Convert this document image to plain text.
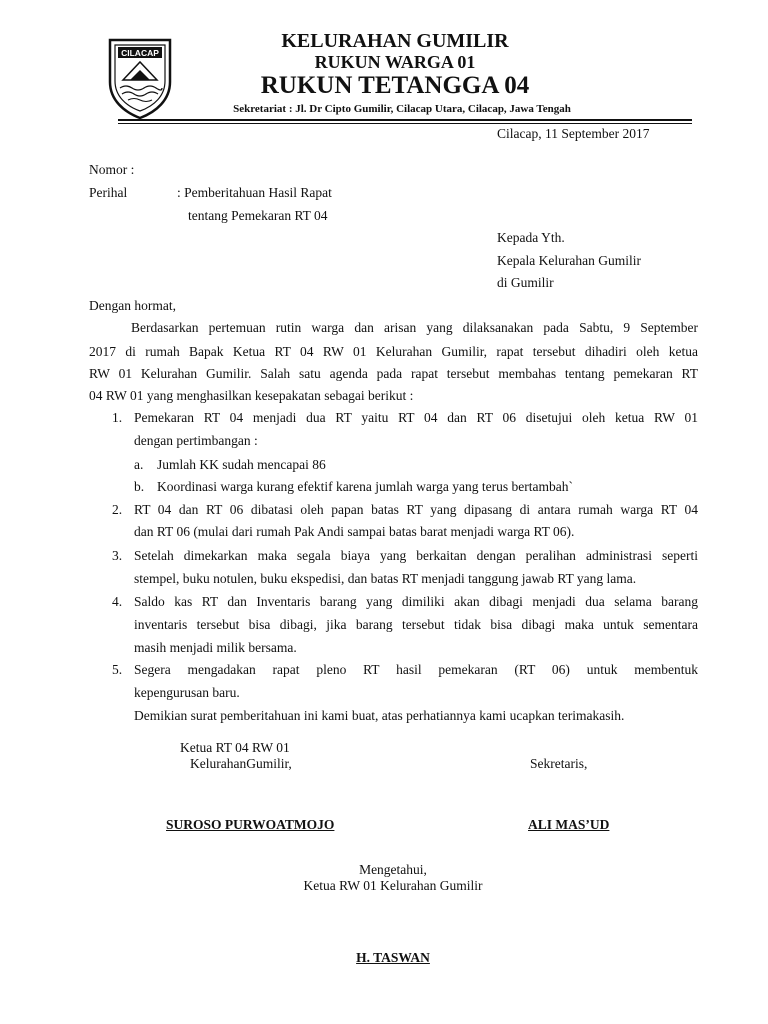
CILACAP
KELURAHAN GUMILIR
RUKUN WARGA 01
RUKUN TETANGGA 04
Sekretariat : Jl. Dr Cipto Gumilir, Cilacap Utara, Cilacap, Jawa Tengah
Cilacap, 11 September 2017
Nomor :
Perihal	: Pemberitahuan Hasil Rapat
tentang Pemekaran RT 04
Kepada Yth.
Kepala Kelurahan Gumilir
di Gumilir
Dengan hormat,
Berdasarkan pertemuan rutin warga dan arisan yang dilaksanakan pada Sabtu, 9 September
2017 di rumah Bapak Ketua RT 04 RW 01 Kelurahan Gumilir, rapat tersebut dihadiri oleh ketua
RW 01 Kelurahan Gumilir. Salah satu agenda pada rapat tersebut membahas tentang pemekaran RT
04 RW 01 yang menghasilkan kesepakatan sebagai berikut :
1. Pemekaran RT 04 menjadi dua RT yaitu RT 04 dan RT 06 disetujui oleh ketua RW 01
dengan pertimbangan :
a. Jumlah KK sudah mencapai 86
b. Koordinasi warga kurang efektif karena jumlah warga yang terus bertambah`
2. RT 04 dan RT 06 dibatasi oleh papan batas RT yang dipasang di antara rumah warga RT 04
dan RT 06 (mulai dari rumah Pak Andi sampai batas barat menjadi warga RT 06).
3. Setelah dimekarkan maka segala biaya yang berkaitan dengan peralihan administrasi seperti
stempel, buku notulen, buku ekspedisi, dan batas RT menjadi tanggung jawab RT yang lama.
4. Saldo kas RT dan Inventaris barang yang dimiliki akan dibagi menjadi dua selama barang
inventaris tersebut bisa dibagi, jika barang tersebut tidak bisa dibagi maka untuk sementara
masih menjadi milik bersama.
5. Segera mengadakan rapat pleno RT hasil pemekaran (RT 06) untuk membentuk
kepengurusan baru.
Demikian surat pemberitahuan ini kami buat, atas perhatiannya kami ucapkan terimakasih.
Ketua RT 04 RW 01
KelurahanGumilir,	Sekretaris,
SUROSO PURWOATMOJO	ALI MAS’UD
Mengetahui,
Ketua RW 01 Kelurahan Gumilir
H. TASWAN
